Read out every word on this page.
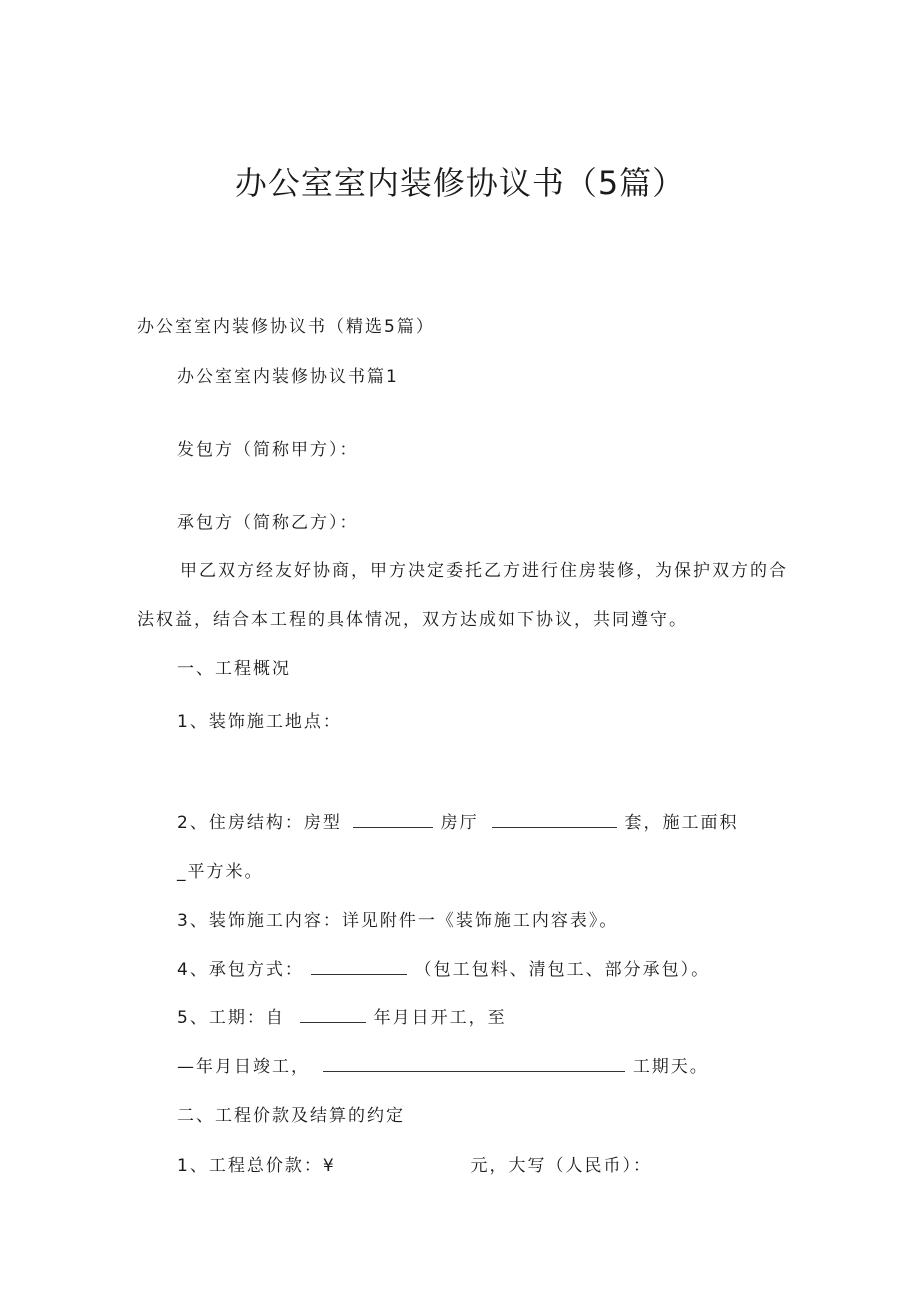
办公室室内装修协议书（5篇）
办公室室内装修协议书（精选5篇）
办公室室内装修协议书篇1
发包方（简称甲方）：
承包方（简称乙方）：
甲乙双方经友好协商，甲方决定委托乙方进行住房装修，为保护双方的合
法权益，结合本工程的具体情况，双方达成如下协议，共同遵守。
一、工程概况
1、装饰施工地点：
2、住房结构：房型	房厅	套，施工面积
_平方米。
3、装饰施工内容：详见附件一《装饰施工内容表》。
4、承包方式：	（包工包料、清包工、部分承包）。
5、工期：自	年月日开工，至
—年月日竣工，	工期天。
二、工程价款及结算的约定
1、工程总价款：¥	元，大写（人民币）：
